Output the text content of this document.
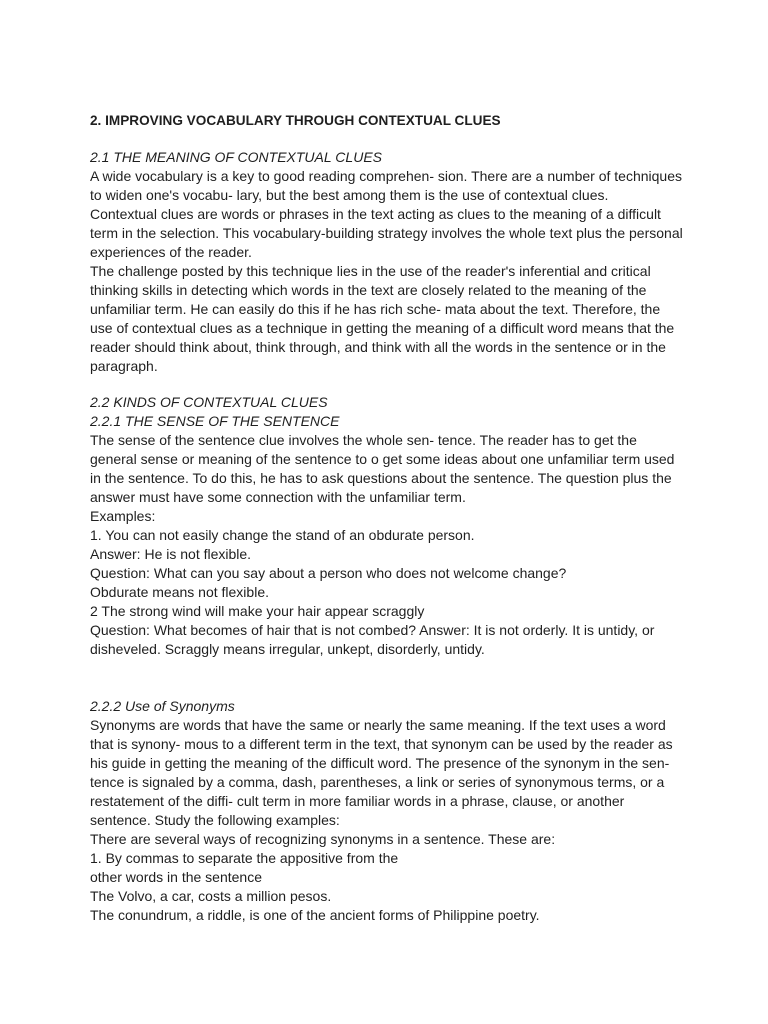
2. IMPROVING VOCABULARY THROUGH CONTEXTUAL CLUES

2.1 THE MEANING OF CONTEXTUAL CLUES

A wide vocabulary is a key to good reading comprehen- sion. There are a number of techniques

to widen one's vocabu- lary, but the best among them is the use of contextual clues.

Contextual clues are words or phrases in the text acting as clues to the meaning of a difficult

term in the selection. This vocabulary-building strategy involves the whole text plus the personal

experiences of the reader.

The challenge posted by this technique lies in the use of the reader's inferential and critical

thinking skills in detecting which words in the text are closely related to the meaning of the

unfamiliar term. He can easily do this if he has rich sche- mata about the text. Therefore, the

use of contextual clues as a technique in getting the meaning of a difficult word means that the

reader should think about, think through, and think with all the words in the sentence or in the

paragraph.

2.2 KINDS OF CONTEXTUAL CLUES

2.2.1 THE SENSE OF THE SENTENCE

The sense of the sentence clue involves the whole sen- tence. The reader has to get the

general sense or meaning of the sentence to o get some ideas about one unfamiliar term used

in the sentence. To do this, he has to ask questions about the sentence. The question plus the

answer must have some connection with the unfamiliar term.

Examples:

1. You can not easily change the stand of an obdurate person.

Answer: He is not flexible.

Question: What can you say about a person who does not welcome change?

Obdurate means not flexible.

2 The strong wind will make your hair appear scraggly

Question: What becomes of hair that is not combed? Answer: It is not orderly. It is untidy, or

disheveled. Scraggly means irregular, unkept, disorderly, untidy.

2.2.2 Use of Synonyms

Synonyms are words that have the same or nearly the same meaning. If the text uses a word

that is synony- mous to a different term in the text, that synonym can be used by the reader as

his guide in getting the meaning of the difficult word. The presence of the synonym in the sen-

tence is signaled by a comma, dash, parentheses, a link or series of synonymous terms, or a

restatement of the diffi- cult term in more familiar words in a phrase, clause, or another

sentence. Study the following examples:

There are several ways of recognizing synonyms in a sentence. These are:

1. By commas to separate the appositive from the

other words in the sentence

The Volvo, a car, costs a million pesos.

The conundrum, a riddle, is one of the ancient forms of Philippine poetry.
